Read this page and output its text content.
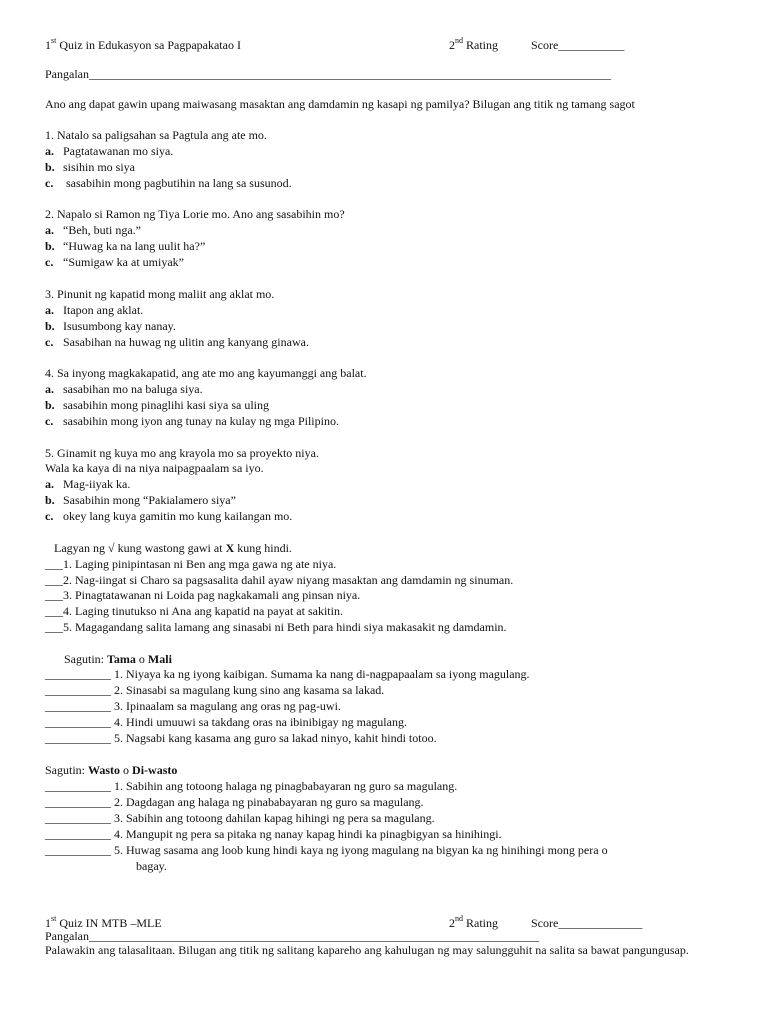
1st Quiz in Edukasyon sa Pagpapakatao I	2nd Rating	Score___________
Pangalan_______________________________________________________________________________________
Ano ang dapat gawin upang maiwasang masaktan ang damdamin ng kasapi ng pamilya? Bilugan ang titik ng tamang sagot
1. Natalo sa paligsahan sa Pagtula ang ate mo.
a. Pagtatawanan mo siya.
b. sisihin mo siya
c. sasabihin mong pagbutihin na lang sa susunod.
2. Napalo si Ramon ng Tiya Lorie mo. Ano ang sasabihin mo?
a. “Beh, buti nga.”
b. “Huwag ka na lang uulit ha?”
c. “Sumigaw ka at umiyak”
3. Pinunit ng kapatid mong maliit ang aklat mo.
a. Itapon ang aklat.
b. Isusumbong kay nanay.
c. Sasabihan na huwag ng ulitin ang kanyang ginawa.
4. Sa inyong magkakapatid, ang ate mo ang kayumanggi ang balat.
a. sasabihan mo na baluga siya.
b. sasabihin mong pinaglihi kasi siya sa uling
c. sasabihin mong iyon ang tunay na kulay ng mga Pilipino.
5. Ginamit ng kuya mo ang krayola mo sa proyekto niya.
Wala ka kaya di na niya naipagpaalam sa iyo.
a. Mag-iiyak ka.
b. Sasabihin mong “Pakialamero siya”
c. okey lang kuya gamitin mo kung kailangan mo.
Lagyan ng √ kung wastong gawi at X kung hindi.
___1. Laging pinipintasan ni Ben ang mga gawa ng ate niya.
___2. Nag-iingat si Charo sa pagsasalita dahil ayaw niyang masaktan ang damdamin ng sinuman.
___3. Pinagtatawanan ni Loida pag nagkakamali ang pinsan niya.
___4. Laging tinutukso ni Ana ang kapatid na payat at sakitin.
___5. Magagandang salita lamang ang sinasabi ni Beth para hindi siya makasakit ng damdamin.
Sagutin: Tama o Mali
___________ 1. Niyaya ka ng iyong kaibigan. Sumama ka nang di-nagpapaalam sa iyong magulang.
___________ 2. Sinasabi sa magulang kung sino ang kasama sa lakad.
___________ 3. Ipinaalam sa magulang ang oras ng pag-uwi.
___________ 4. Hindi umuuwi sa takdang oras na ibinibigay ng magulang.
___________ 5. Nagsabi kang kasama ang guro sa lakad ninyo, kahit hindi totoo.
Sagutin: Wasto o Di-wasto
___________ 1. Sabihin ang totoong halaga ng pinagbabayaran ng guro sa magulang.
___________ 2. Dagdagan ang halaga ng pinababayaran ng guro sa magulang.
___________ 3. Sabihin ang totoong dahilan kapag hihingi ng pera sa magulang.
___________ 4. Mangupit ng pera sa pitaka ng nanay kapag hindi ka pinagbigyan sa hinihingi.
___________ 5. Huwag sasama ang loob kung hindi kaya ng iyong magulang na bigyan ka ng hinihingi mong pera o
bagay.
1st Quiz IN MTB –MLE	2nd Rating	Score______________
Pangalan___________________________________________________________________________
Palawakin ang talasalitaan. Bilugan ang titik ng salitang kapareho ang kahulugan ng may salungguhit na salita sa bawat pangungusap.
